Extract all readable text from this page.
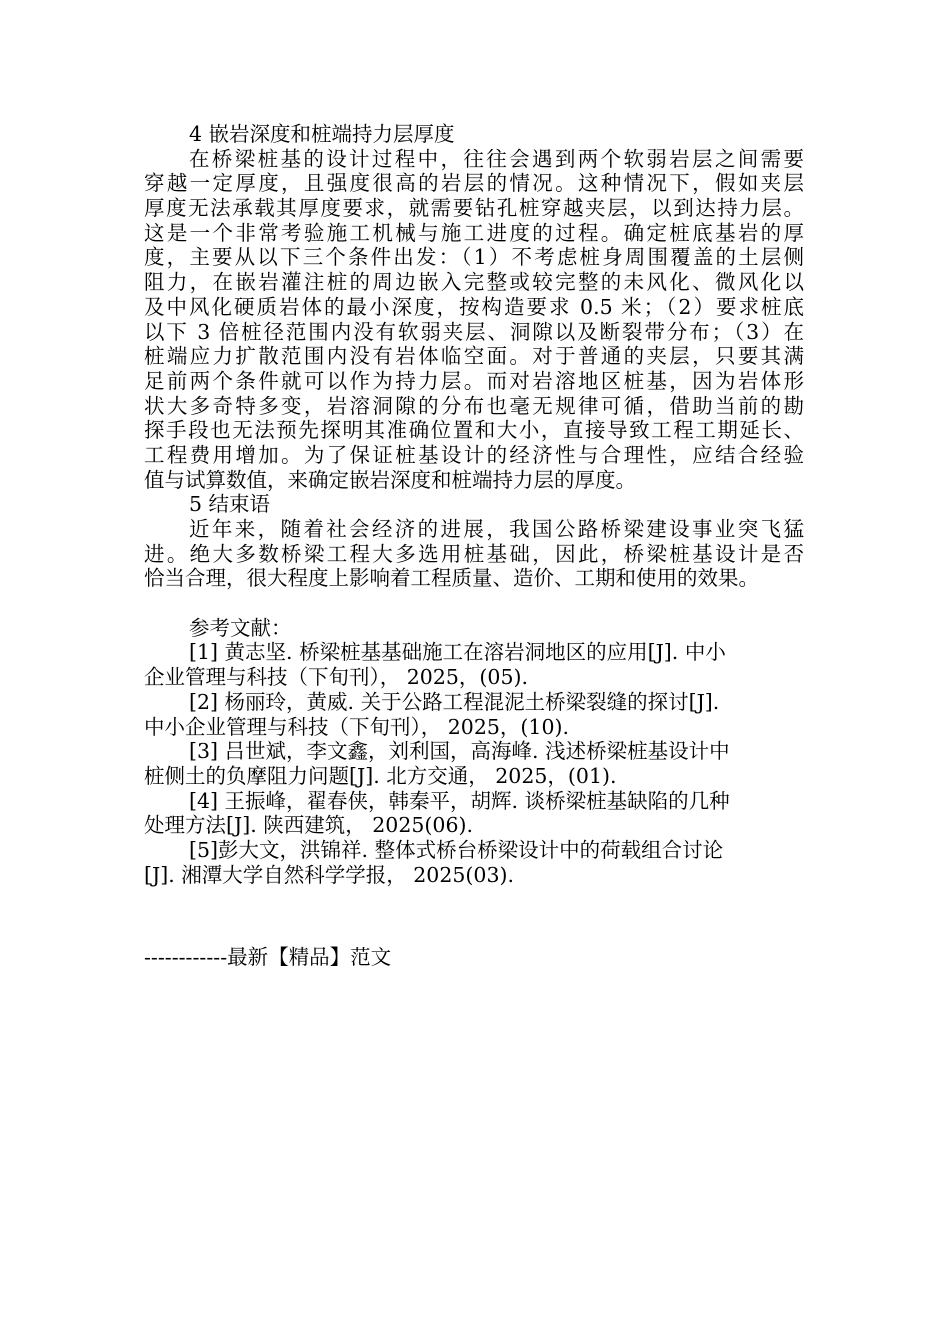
4 嵌岩深度和桩端持力层厚度
在桥梁桩基的设计过程中，往往会遇到两个软弱岩层之间需要
穿越一定厚度，且强度很高的岩层的情况。这种情况下，假如夹层
厚度无法承载其厚度要求，就需要钻孔桩穿越夹层，以到达持力层。
这是一个非常考验施工机械与施工进度的过程。确定桩底基岩的厚
度，主要从以下三个条件出发：（1）不考虑桩身周围覆盖的土层侧
阻力，在嵌岩灌注桩的周边嵌入完整或较完整的未风化、微风化以
及中风化硬质岩体的最小深度，按构造要求 0.5 米；（2）要求桩底
以下 3 倍桩径范围内没有软弱夹层、洞隙以及断裂带分布；（3）在
桩端应力扩散范围内没有岩体临空面。对于普通的夹层，只要其满
足前两个条件就可以作为持力层。而对岩溶地区桩基，因为岩体形
状大多奇特多变，岩溶洞隙的分布也毫无规律可循，借助当前的勘
探手段也无法预先探明其准确位置和大小，直接导致工程工期延长、
工程费用增加。为了保证桩基设计的经济性与合理性，应结合经验
值与试算数值，来确定嵌岩深度和桩端持力层的厚度。
5 结束语
近年来，随着社会经济的进展，我国公路桥梁建设事业突飞猛
进。绝大多数桥梁工程大多选用桩基础，因此，桥梁桩基设计是否
恰当合理，很大程度上影响着工程质量、造价、工期和使用的效果。
参考文献：
[1] 黄志坚. 桥梁桩基基础施工在溶岩洞地区的应用[J]. 中小
企业管理与科技（下旬刊）， 2025，(05).
[2] 杨丽玲，黄威. 关于公路工程混泥土桥梁裂缝的探讨[J].
中小企业管理与科技（下旬刊）， 2025，(10).
[3] 吕世斌，李文鑫，刘利国，高海峰. 浅述桥梁桩基设计中
桩侧土的负摩阻力问题[J]. 北方交通， 2025，(01).
[4] 王振峰，翟春侠，韩秦平，胡辉. 谈桥梁桩基缺陷的几种
处理方法[J]. 陕西建筑， 2025(06).
[5]彭大文，洪锦祥. 整体式桥台桥梁设计中的荷载组合讨论
[J]. 湘潭大学自然科学学报， 2025(03).
------------最新【精品】范文
